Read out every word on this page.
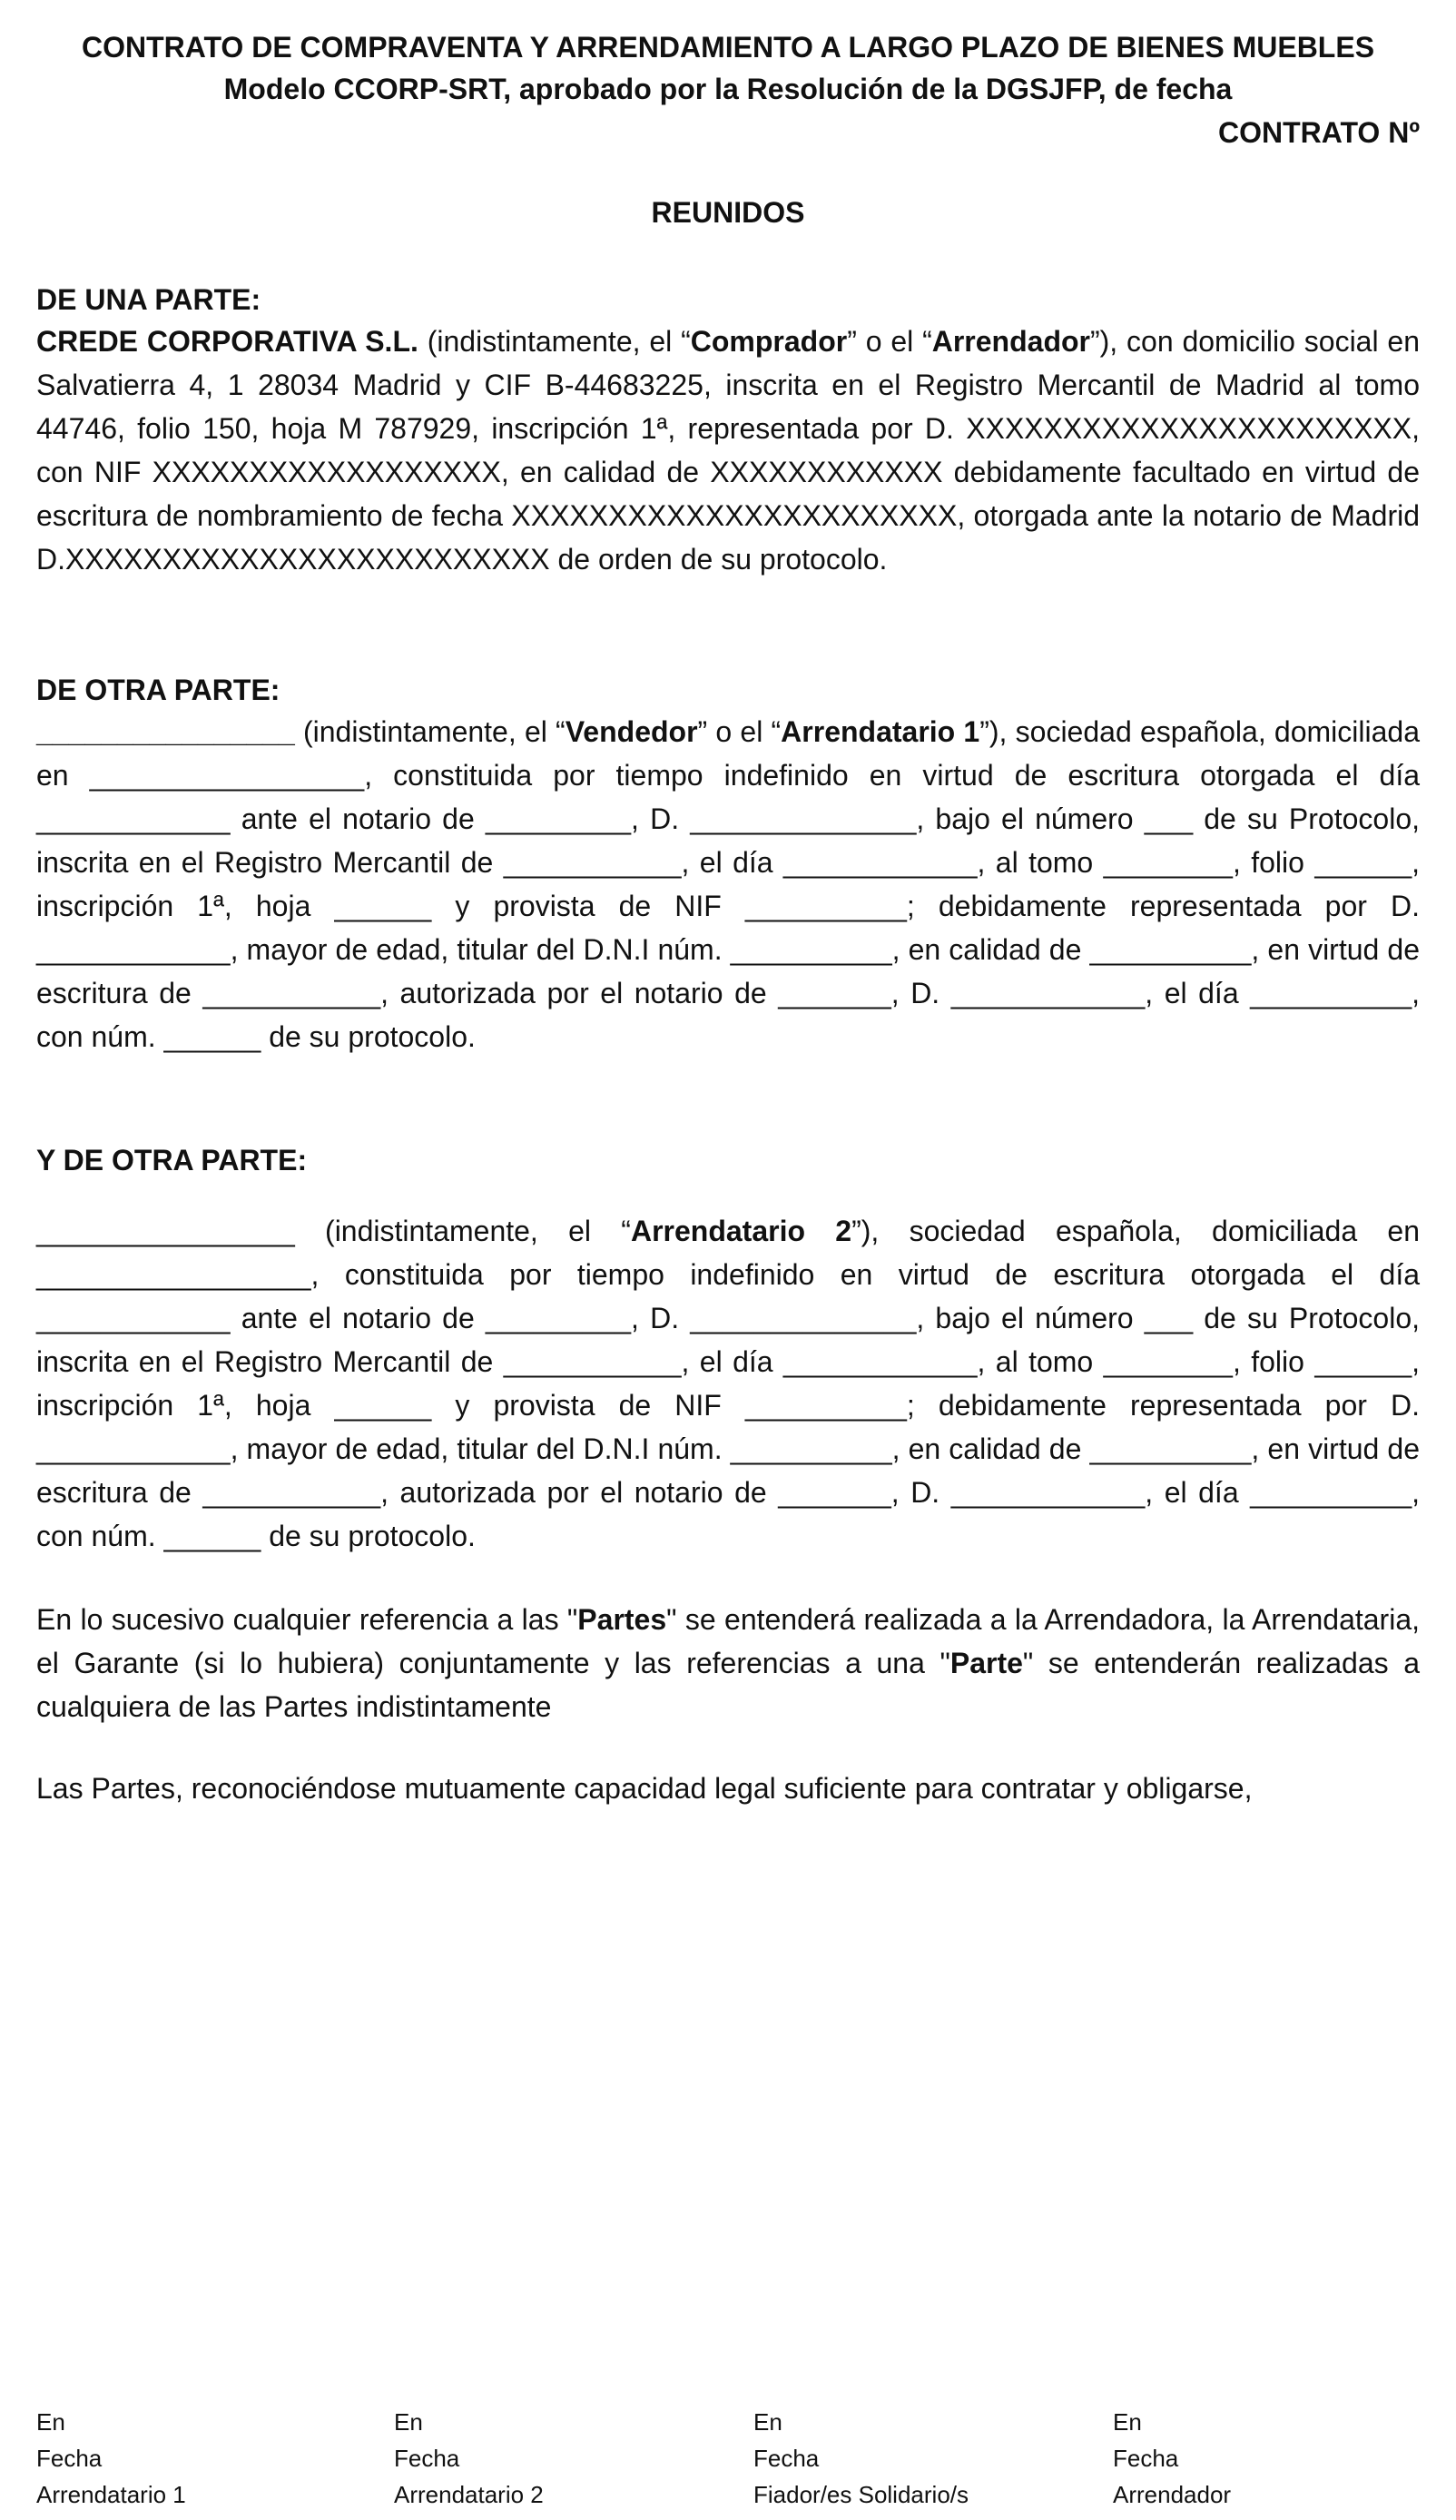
CONTRATO DE COMPRAVENTA Y ARRENDAMIENTO A LARGO PLAZO DE BIENES MUEBLES
Modelo CCORP-SRT, aprobado por la Resolución de la DGSJFP, de fecha
CONTRATO Nº
REUNIDOS
DE UNA PARTE:
CREDE CORPORATIVA S.L. (indistintamente, el “Comprador” o el “Arrendador”), con domicilio social en Salvatierra 4, 1 28034 Madrid y CIF B-44683225, inscrita en el Registro Mercantil de Madrid al tomo 44746, folio 150, hoja M 787929, inscripción 1ª, representada por D. XXXXXXXXXXXXXXXXXXXXXXX, con NIF XXXXXXXXXXXXXXXXXX, en calidad de XXXXXXXXXXXX debidamente facultado en virtud de escritura de nombramiento de fecha XXXXXXXXXXXXXXXXXXXXXXX, otorgada ante la notario de Madrid D.XXXXXXXXXXXXXXXXXXXXXXXXX de orden de su protocolo.
DE OTRA PARTE:
________________ (indistintamente, el “Vendedor” o el “Arrendatario 1”), sociedad española, domiciliada en _________________, constituida por tiempo indefinido en virtud de escritura otorgada el día ____________ ante el notario de _________, D. ______________, bajo el número ___ de su Protocolo, inscrita en el Registro Mercantil de ___________, el día ____________, al tomo ________, folio ______, inscripción 1ª, hoja ______ y provista de NIF __________; debidamente representada por D. ____________, mayor de edad, titular del D.N.I núm. __________, en calidad de __________, en virtud de escritura de ___________, autorizada por el notario de _______, D. ____________, el día __________, con núm. ______ de su protocolo.
Y DE OTRA PARTE:
________________ (indistintamente, el “Arrendatario 2”), sociedad española, domiciliada en _________________, constituida por tiempo indefinido en virtud de escritura otorgada el día ____________ ante el notario de _________, D. ______________, bajo el número ___ de su Protocolo, inscrita en el Registro Mercantil de ___________, el día ____________, al tomo ________, folio ______, inscripción 1ª, hoja ______ y provista de NIF __________; debidamente representada por D. ____________, mayor de edad, titular del D.N.I núm. __________, en calidad de __________, en virtud de escritura de ___________, autorizada por el notario de _______, D. ____________, el día __________, con núm. ______ de su protocolo.
En lo sucesivo cualquier referencia a las "Partes" se entenderá realizada a la Arrendadora, la Arrendataria, el Garante (si lo hubiera) conjuntamente y las referencias a una "Parte" se entenderán realizadas a cualquiera de las Partes indistintamente
Las Partes, reconociéndose mutuamente capacidad legal suficiente para contratar y obligarse,
En
Fecha
Arrendatario 1
En
Fecha
Arrendatario 2
En
Fecha
Fiador/es Solidario/s
En
Fecha
Arrendador
